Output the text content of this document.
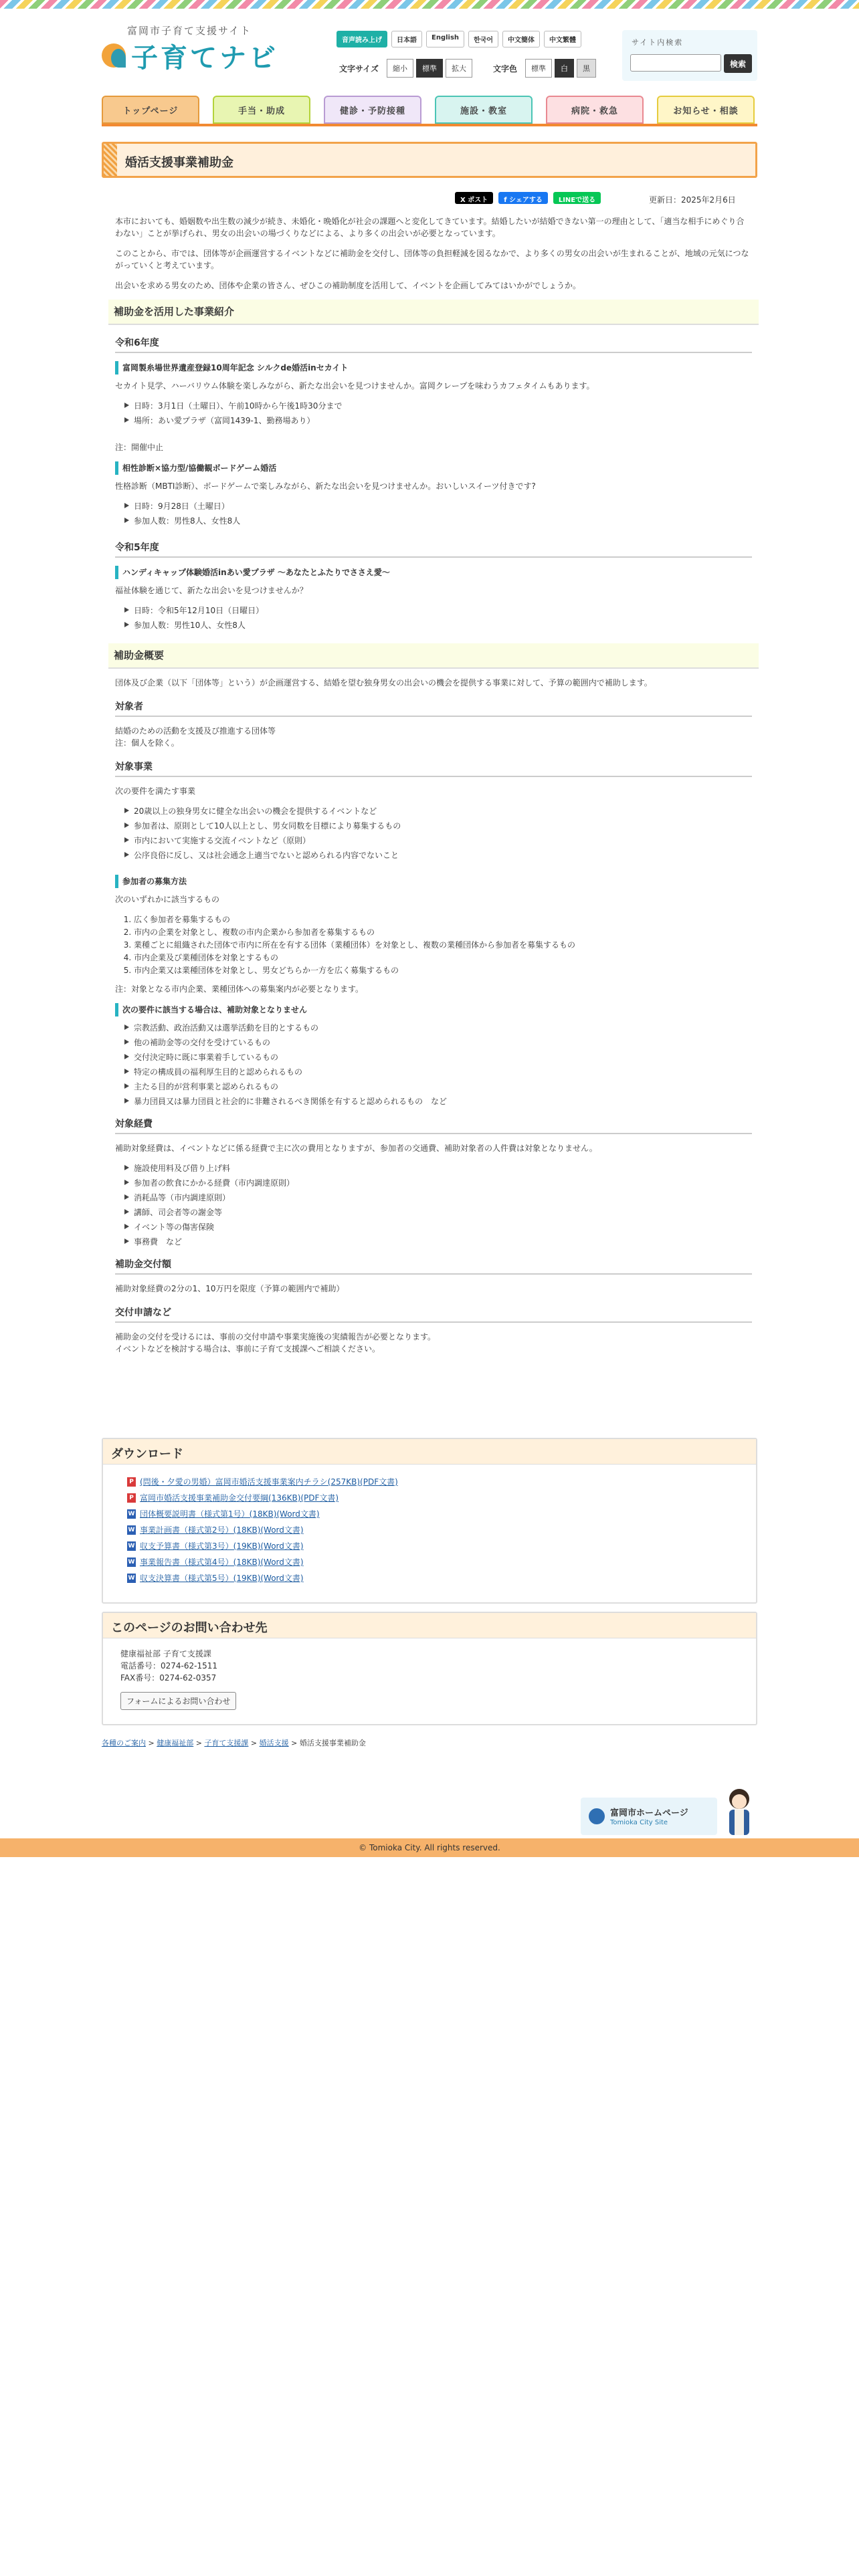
富岡市子育て支援サイト
子育てナビ
音声読み上げ	日本語	English	한국어	中文簡体	中文繁體
文字サイズ	縮小	標準	拡大	文字色	標準	白	黒
サイト内検索
検索
トップページ	手当・助成	健診・予防接種	施設・教室	病院・救急	お知らせ・相談
婚活支援事業補助金
X ポスト	f シェアする	LINEで送る	更新日：2025年2月6日

本市においても、婚姻数や出生数の減少が続き、未婚化・晩婚化が社会の課題へと変化してきています。結婚したいが結婚できない第一の理由として、「適当な相手にめぐり合わない」ことが挙げられ、男女の出会いの場づくりなどによる、より多くの出会いが必要となっています。

このことから、市では、団体等が企画運営するイベントなどに補助金を交付し、団体等の負担軽減を図るなかで、より多くの男女の出会いが生まれることが、地域の元気につながっていくと考えています。

出会いを求める男女のため、団体や企業の皆さん、ぜひこの補助制度を活用して、イベントを企画してみてはいかがでしょうか。

補助金を活用した事業紹介
令和6年度
富岡製糸場世界遺産登録10周年記念 シルクde婚活inセカイト

セカイト見学、ハーバリウム体験を楽しみながら、新たな出会いを見つけませんか。富岡クレープを味わうカフェタイムもあります。

日時：3月1日（土曜日）、午前10時から午後1時30分まで
場所：あい愛プラザ（富岡1439-1、勤務場あり）

注：開催中止

相性診断×協力型/協働観ボードゲーム婚活

性格診断（MBTI診断）、ボードゲームで楽しみながら、新たな出会いを見つけませんか。おいしいスイーツ付きです?

日時：9月28日（土曜日）
参加人数：男性8人、女性8人
令和5年度
ハンディキャップ体験婚活inあい愛プラザ 〜あなたとふたりでささえ愛〜

福祉体験を通じて、新たな出会いを見つけませんか？

日時：令和5年12月10日（日曜日）
参加人数：男性10人、女性8人
補助金概要

団体及び企業（以下「団体等」という）が企画運営する、結婚を望む独身男女の出会いの機会を提供する事業に対して、予算の範囲内で補助します。

対象者

結婚のための活動を支援及び推進する団体等
注：個人を除く。

対象事業

次の要件を満たす事業

20歳以上の独身男女に健全な出会いの機会を提供するイベントなど
参加者は、原則として10人以上とし、男女同数を目標により募集するもの
市内において実施する交流イベントなど（原則）
公序良俗に反し、又は社会通念上適当でないと認められる内容でないこと
参加者の募集方法

次のいずれかに該当するもの

1. 広く参加者を募集するもの
2. 市内の企業を対象とし、複数の市内企業から参加者を募集するもの
3. 業種ごとに組織された団体で市内に所在を有する団体（業種団体）を対象とし、複数の業種団体から参加者を募集するもの
4. 市内企業及び業種団体を対象とするもの
5. 市内企業又は業種団体を対象とし、男女どちらか一方を広く募集するもの

注：対象となる市内企業、業種団体への募集案内が必要となります。

次の要件に該当する場合は、補助対象となりません
宗教活動、政治活動又は選挙活動を目的とするもの
他の補助金等の交付を受けているもの
交付決定時に既に事業着手しているもの
特定の構成員の福利厚生目的と認められるもの
主たる目的が営利事業と認められるもの
暴力団員又は暴力団員と社会的に非難されるべき関係を有すると認められるもの　など
対象経費

補助対象経費は、イベントなどに係る経費で主に次の費用となりますが、参加者の交通費、補助対象者の人件費は対象となりません。

施設使用料及び借り上げ料
参加者の飲食にかかる経費（市内調達原則）
消耗品等（市内調達原則）
講師、司会者等の謝金等
イベント等の傷害保険
事務費　など
補助金交付額

補助対象経費の2分の1、10万円を限度（予算の範囲内で補助）

交付申請など

補助金の交付を受けるには、事前の交付申請や事業実施後の実績報告が必要となります。
イベントなどを検討する場合は、事前に子育て支援課へご相談ください。

ダウンロード
P (問後・夕愛の男婚）富岡市婚活支援事業案内チラシ(257KB)(PDF文書)
P 富岡市婚活支援事業補助金交付要綱(136KB)(PDF文書)
W 団体概要説明書（様式第1号）(18KB)(Word文書)
W 事業計画書（様式第2号）(18KB)(Word文書)
W 収支予算書（様式第3号）(19KB)(Word文書)
W 事業報告書（様式第4号）(18KB)(Word文書)
W 収支決算書（様式第5号）(19KB)(Word文書)
このページのお問い合わせ先
健康福祉部 子育て支援課
電話番号：0274-62-1511
FAX番号：0274-62-0357
フォームによるお問い合わせ
各種のご案内 > 健康福祉部 > 子育て支援課 > 婚活支援 > 婚活支援事業補助金
富岡市ホームページ
Tomioka City Site
© Tomioka City. All rights reserved.
